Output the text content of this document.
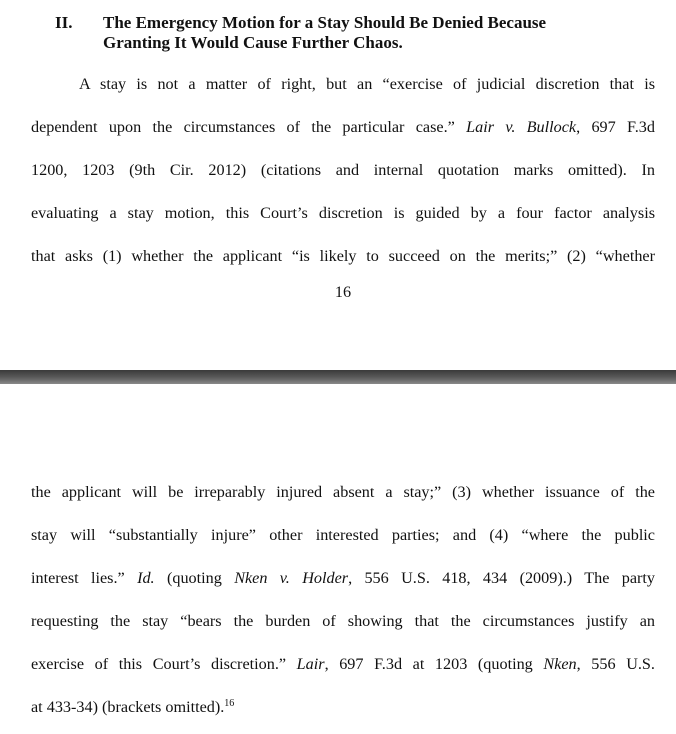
II. The Emergency Motion for a Stay Should Be Denied Because
Granting It Would Cause Further Chaos.
A stay is not a matter of right, but an “exercise of judicial discretion that is
dependent upon the circumstances of the particular case.” Lair v. Bullock, 697 F.3d
1200, 1203 (9th Cir. 2012) (citations and internal quotation marks omitted). In
evaluating a stay motion, this Court’s discretion is guided by a four factor analysis
that asks (1) whether the applicant “is likely to succeed on the merits;” (2) “whether
16
the applicant will be irreparably injured absent a stay;” (3) whether issuance of the
stay will “substantially injure” other interested parties; and (4) “where the public
interest lies.” Id. (quoting Nken v. Holder, 556 U.S. 418, 434 (2009).) The party
requesting the stay “bears the burden of showing that the circumstances justify an
exercise of this Court’s discretion.” Lair, 697 F.3d at 1203 (quoting Nken, 556 U.S.
at 433-34) (brackets omitted).$^{16}$
